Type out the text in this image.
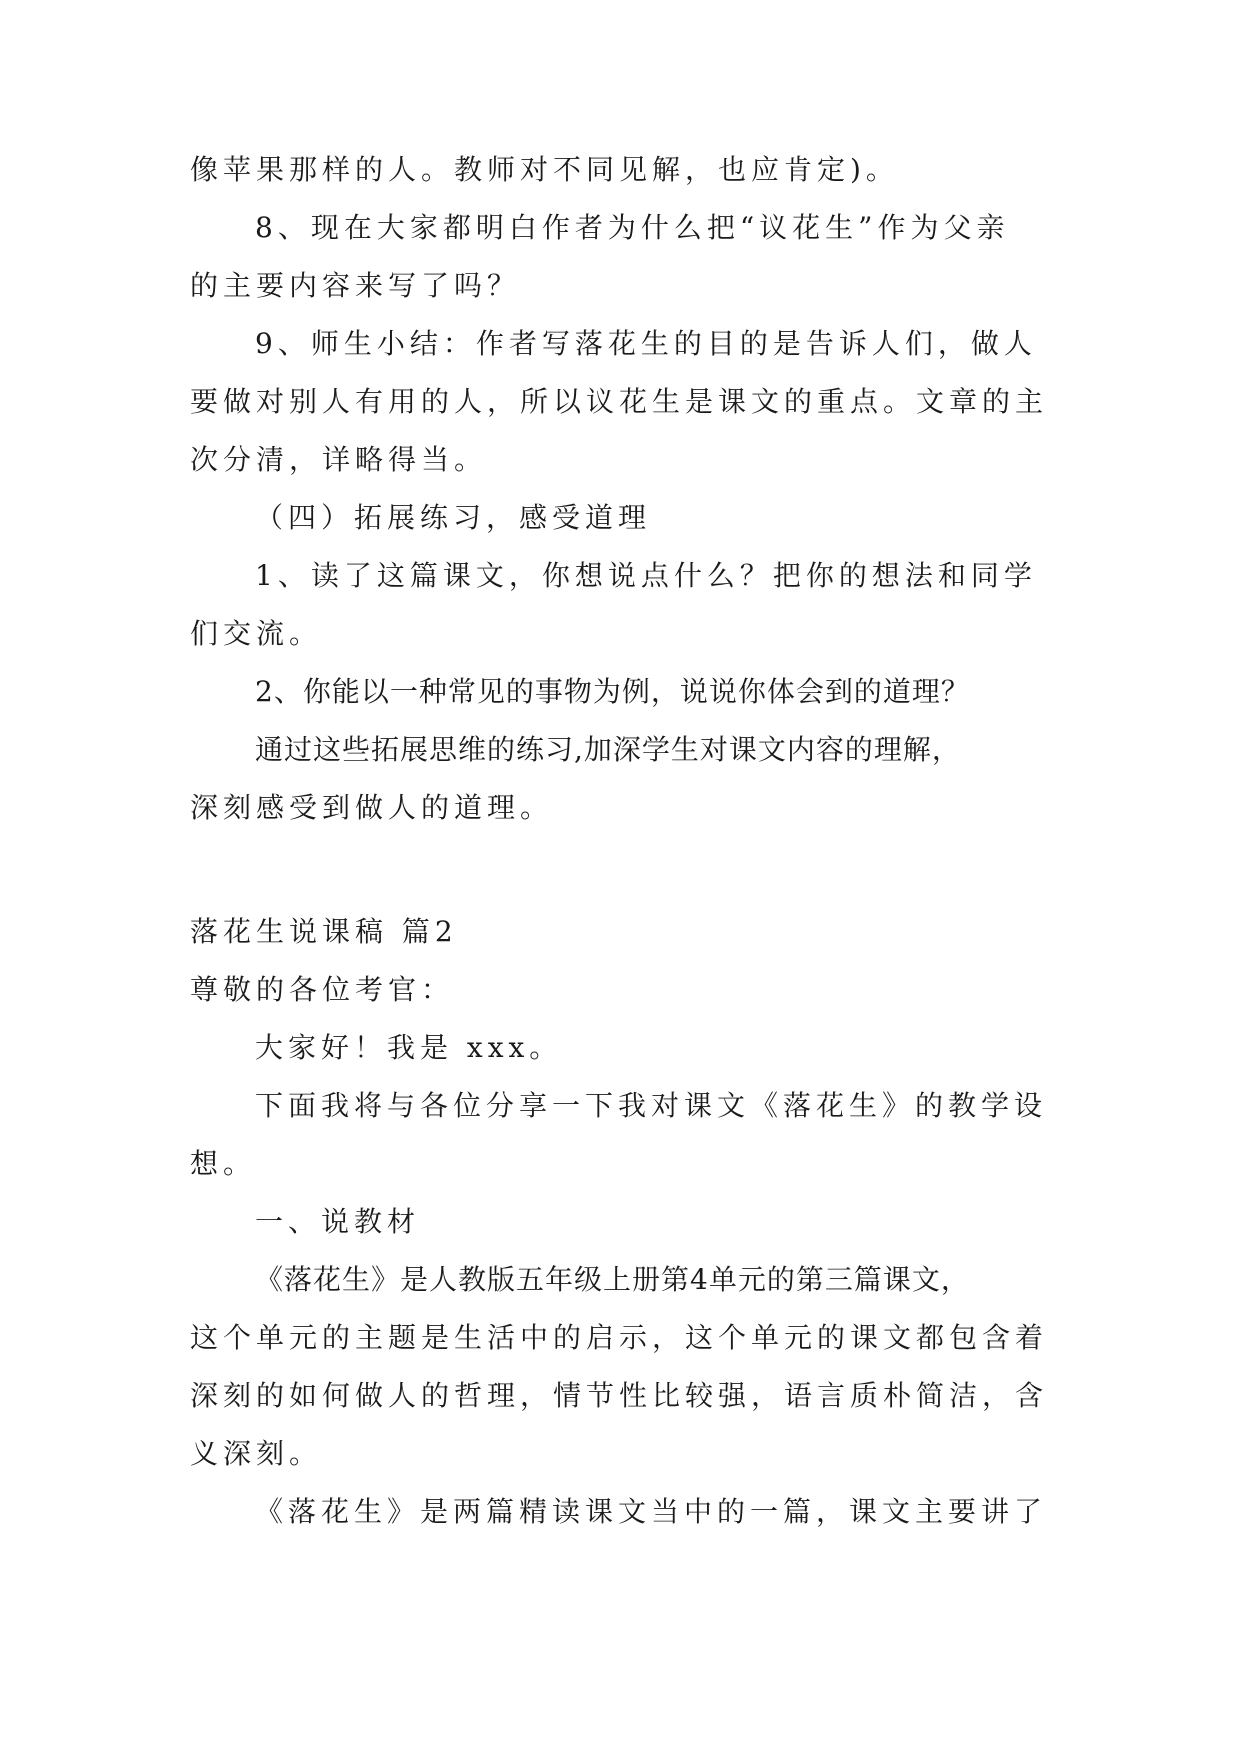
像苹果那样的人。教师对不同见解，也应肯定)。

8、现在大家都明白作者为什么把“议花生”作为父亲

的主要内容来写了吗？

9、师生小结：作者写落花生的目的是告诉人们，做人

要做对别人有用的人，所以议花生是课文的重点。文章的主

次分清，详略得当。

（四）拓展练习，感受道理

1、读了这篇课文，你想说点什么？把你的想法和同学

们交流。

2、你能以一种常见的事物为例，说说你体会到的道理？

通过这些拓展思维的练习,加深学生对课文内容的理解，

深刻感受到做人的道理。

落花生说课稿 篇2

尊敬的各位考官：

大家好！我是 xxx。

下面我将与各位分享一下我对课文《落花生》的教学设

想。

一、说教材

《落花生》是人教版五年级上册第4单元的第三篇课文，

这个单元的主题是生活中的启示，这个单元的课文都包含着

深刻的如何做人的哲理，情节性比较强，语言质朴简洁，含

义深刻。

《落花生》是两篇精读课文当中的一篇，课文主要讲了
